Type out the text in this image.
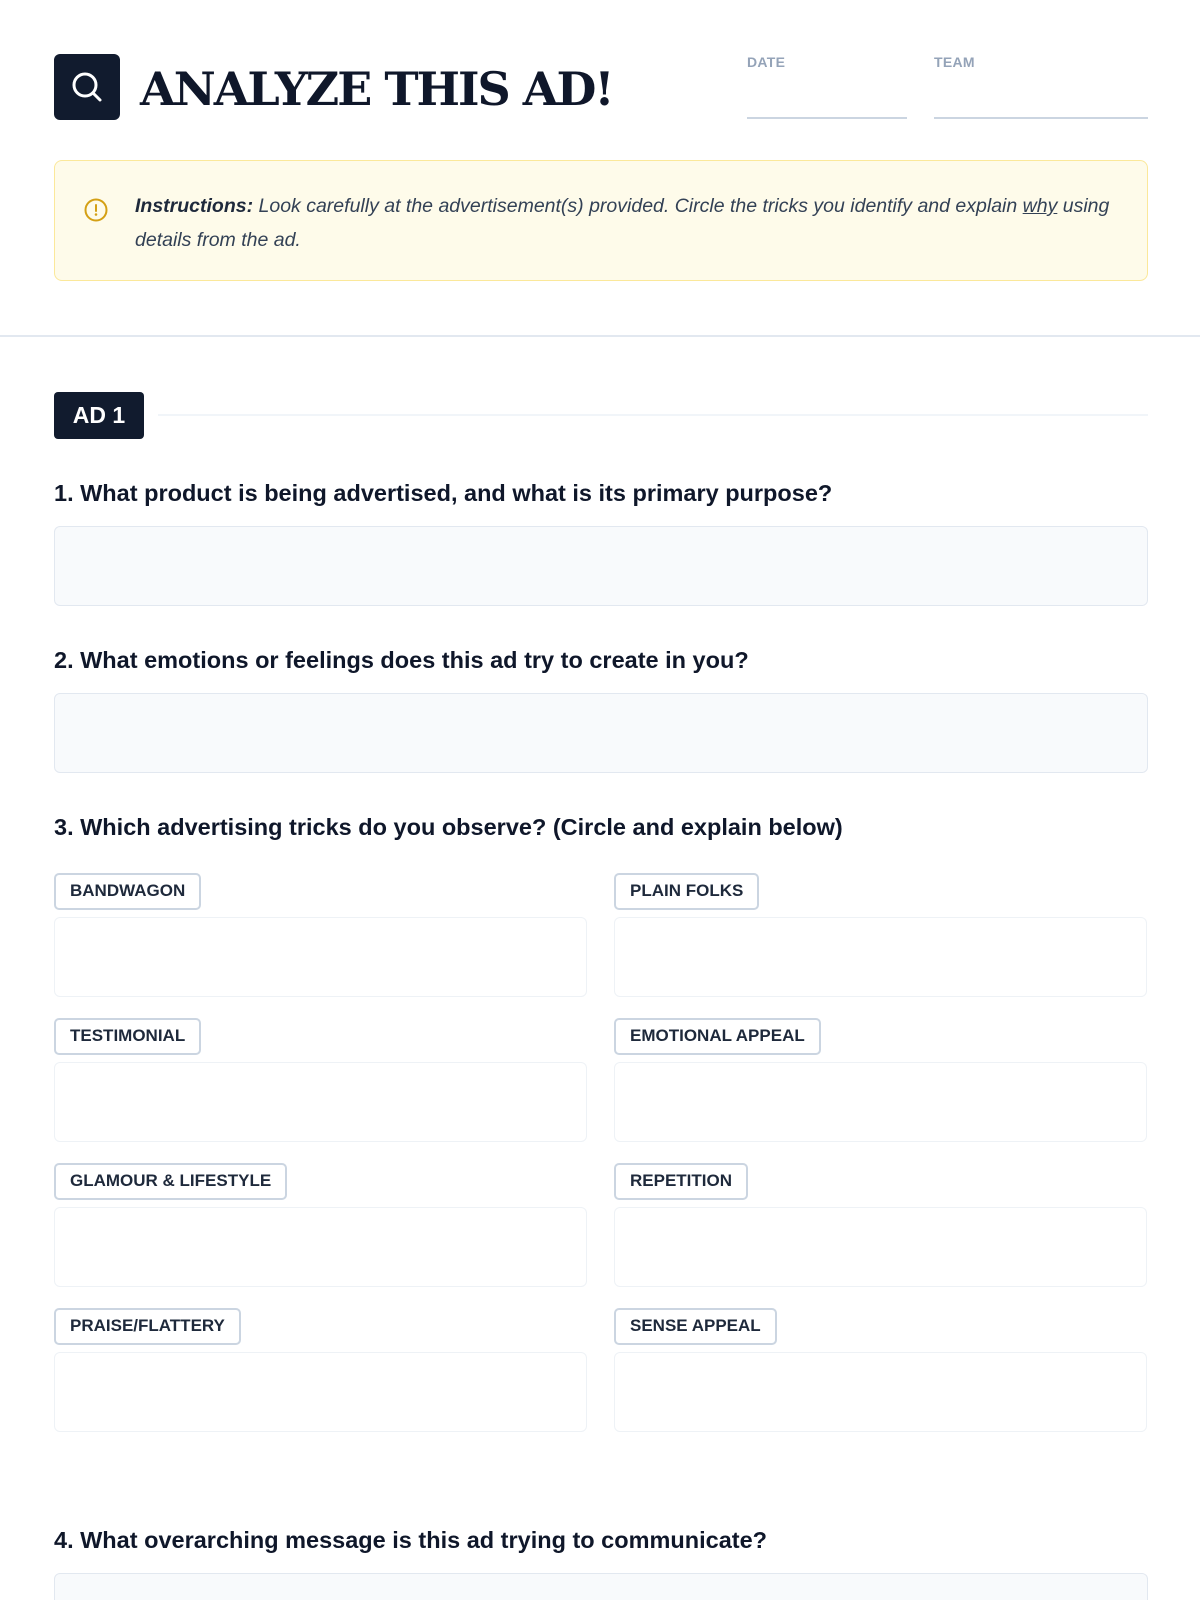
ANALYZE THIS AD!	DATE	TEAM

Instructions: Look carefully at the advertisement(s) provided. Circle the tricks you identify and explain why using details from the ad.

AD 1
1. What product is being advertised, and what is its primary purpose?
2. What emotions or feelings does this ad try to create in you?
3. Which advertising tricks do you observe? (Circle and explain below)
BANDWAGON	PLAIN FOLKS
TESTIMONIAL	EMOTIONAL APPEAL
GLAMOUR & LIFESTYLE	REPETITION
PRAISE/FLATTERY	SENSE APPEAL
4. What overarching message is this ad trying to communicate?
